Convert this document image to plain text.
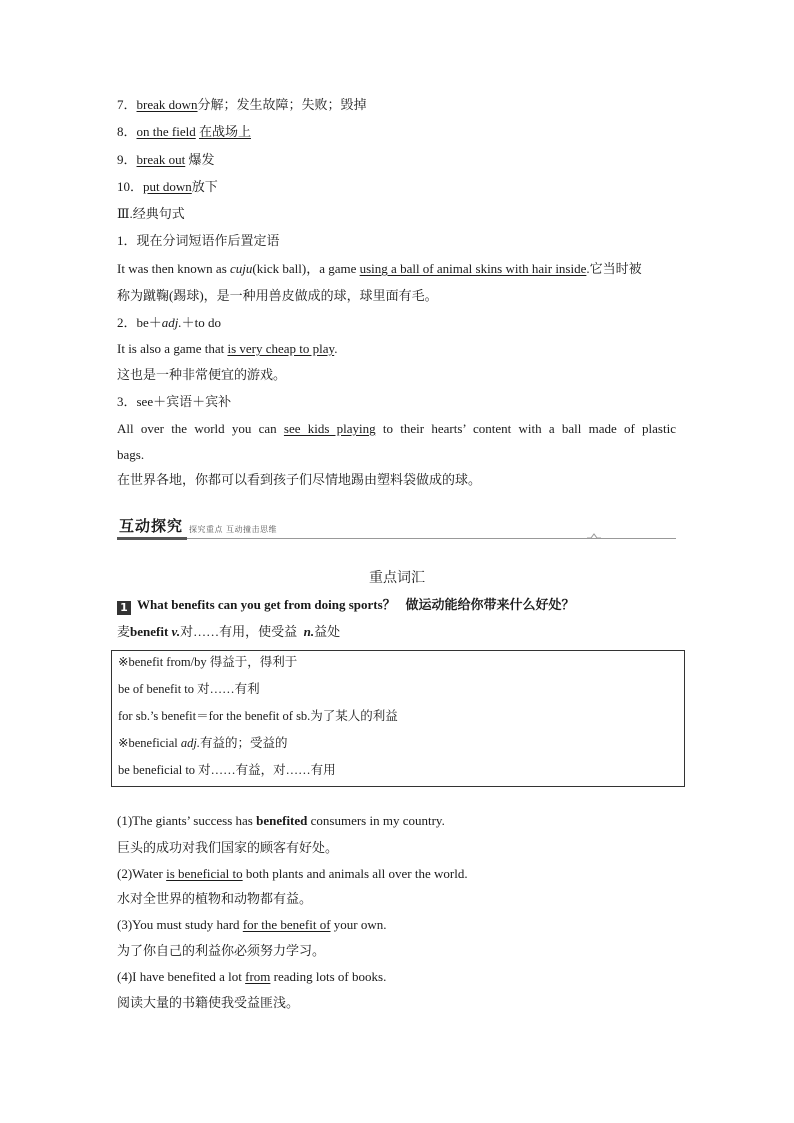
7．break down分解；发生故障；失败；毁掉
8．on the field 在战场上
9．break out 爆发
10．put down放下
Ⅲ.经典句式
1．现在分词短语作后置定语
It was then known as cuju(kick ball)，a game using a ball of animal skins with hair inside.它当时被
称为蹴鞠(踢球)，是一种用兽皮做成的球，球里面有毛。
2．be＋adj.＋to do
It is also a game that is very cheap to play.
这也是一种非常便宜的游戏。
3．see＋宾语＋宾补
All over the world you can see kids playing to their hearts’ content with a ball made of plastic
bags.
在世界各地，你都可以看到孩子们尽情地踢由塑料袋做成的球。
互动探究 探究重点 互动撞击思维
重点词汇
1 What benefits can you get from doing sports？ 做运动能给你带来什么好处？
麦benefit v.对……有用，使受益 n.益处
※benefit from/by 得益于，得利于
be of benefit to 对……有利
for sb.’s benefit＝for the benefit of sb.为了某人的利益
※beneficial adj.有益的；受益的
be beneficial to 对……有益，对……有用
(1)The giants’ success has benefited consumers in my country.
巨头的成功对我们国家的顾客有好处。
(2)Water is beneficial to both plants and animals all over the world.
水对全世界的植物和动物都有益。
(3)You must study hard for the benefit of your own.
为了你自己的利益你必须努力学习。
(4)I have benefited a lot from reading lots of books.
阅读大量的书籍使我受益匪浅。
